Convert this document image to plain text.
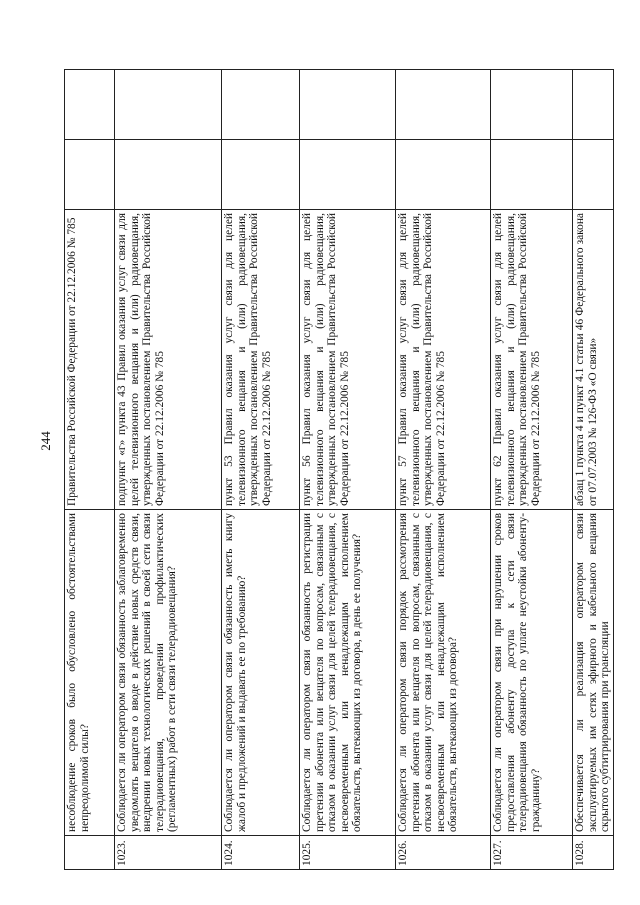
244
	несоблюдение сроков было обусловлено обстоятельствами непреодолимой силы?	Правительства Российской Федерации от 22.12.2006 № 785		
1023.	Соблюдается ли оператором связи обязанность заблаговременно уведомлять вещателя о вводе в действие новых средств связи, внедрении новых технологических решений в своей сети связи телерадиовещания, проведении профилактических (регламентных) работ в сети связи телерадиовещания?	подпункт «г» пункта 43 Правил оказания услуг связи для целей телевизионного вещания и (или) радиовещания, утвержденных постановлением Правительства Российской Федерации от 22.12.2006 № 785		
1024.	Соблюдается ли оператором связи обязанность иметь книгу жалоб и предложений и выдавать ее по требованию?	пункт 53 Правил оказания услуг связи для целей телевизионного вещания и (или) радиовещания, утвержденных постановлением Правительства Российской Федерации от 22.12.2006 № 785		
1025.	Соблюдается ли оператором связи обязанность регистрации претензии абонента или вещателя по вопросам, связанным с отказом в оказании услуг связи для целей телерадиовещания, с несвоевременным или ненадлежащим исполнением обязательств, вытекающих из договора, в день ее получения?	пункт 56 Правил оказания услуг связи для целей телевизионного вещания и (или) радиовещания, утвержденных постановлением Правительства Российской Федерации от 22.12.2006 № 785		
1026.	Соблюдается ли оператором связи порядок рассмотрения претензии абонента или вещателя по вопросам, связанным с отказом в оказании услуг связи для целей телерадиовещания, с несвоевременным или ненадлежащим исполнением обязательств, вытекающих из договора?	пункт 57 Правил оказания услуг связи для целей телевизионного вещания и (или) радиовещания, утвержденных постановлением Правительства Российской Федерации от 22.12.2006 № 785		
1027.	Соблюдается ли оператором связи при нарушении сроков предоставления абоненту доступа к сети связи телерадиовещания обязанность по уплате неустойки абоненту-гражданину?	пункт 62 Правил оказания услуг связи для целей телевизионного вещания и (или) радиовещания, утвержденных постановлением Правительства Российской Федерации от 22.12.2006 № 785		
1028.	Обеспечивается ли реализация оператором связи эксплуатируемых им сетях эфирного и кабельного вещания скрытого субтитрирования при трансляции	абзац 1 пункта 4 и пункт 4.1 статьи 46 Федерального закона от 07.07.2003 № 126-ФЗ «О связи»		
